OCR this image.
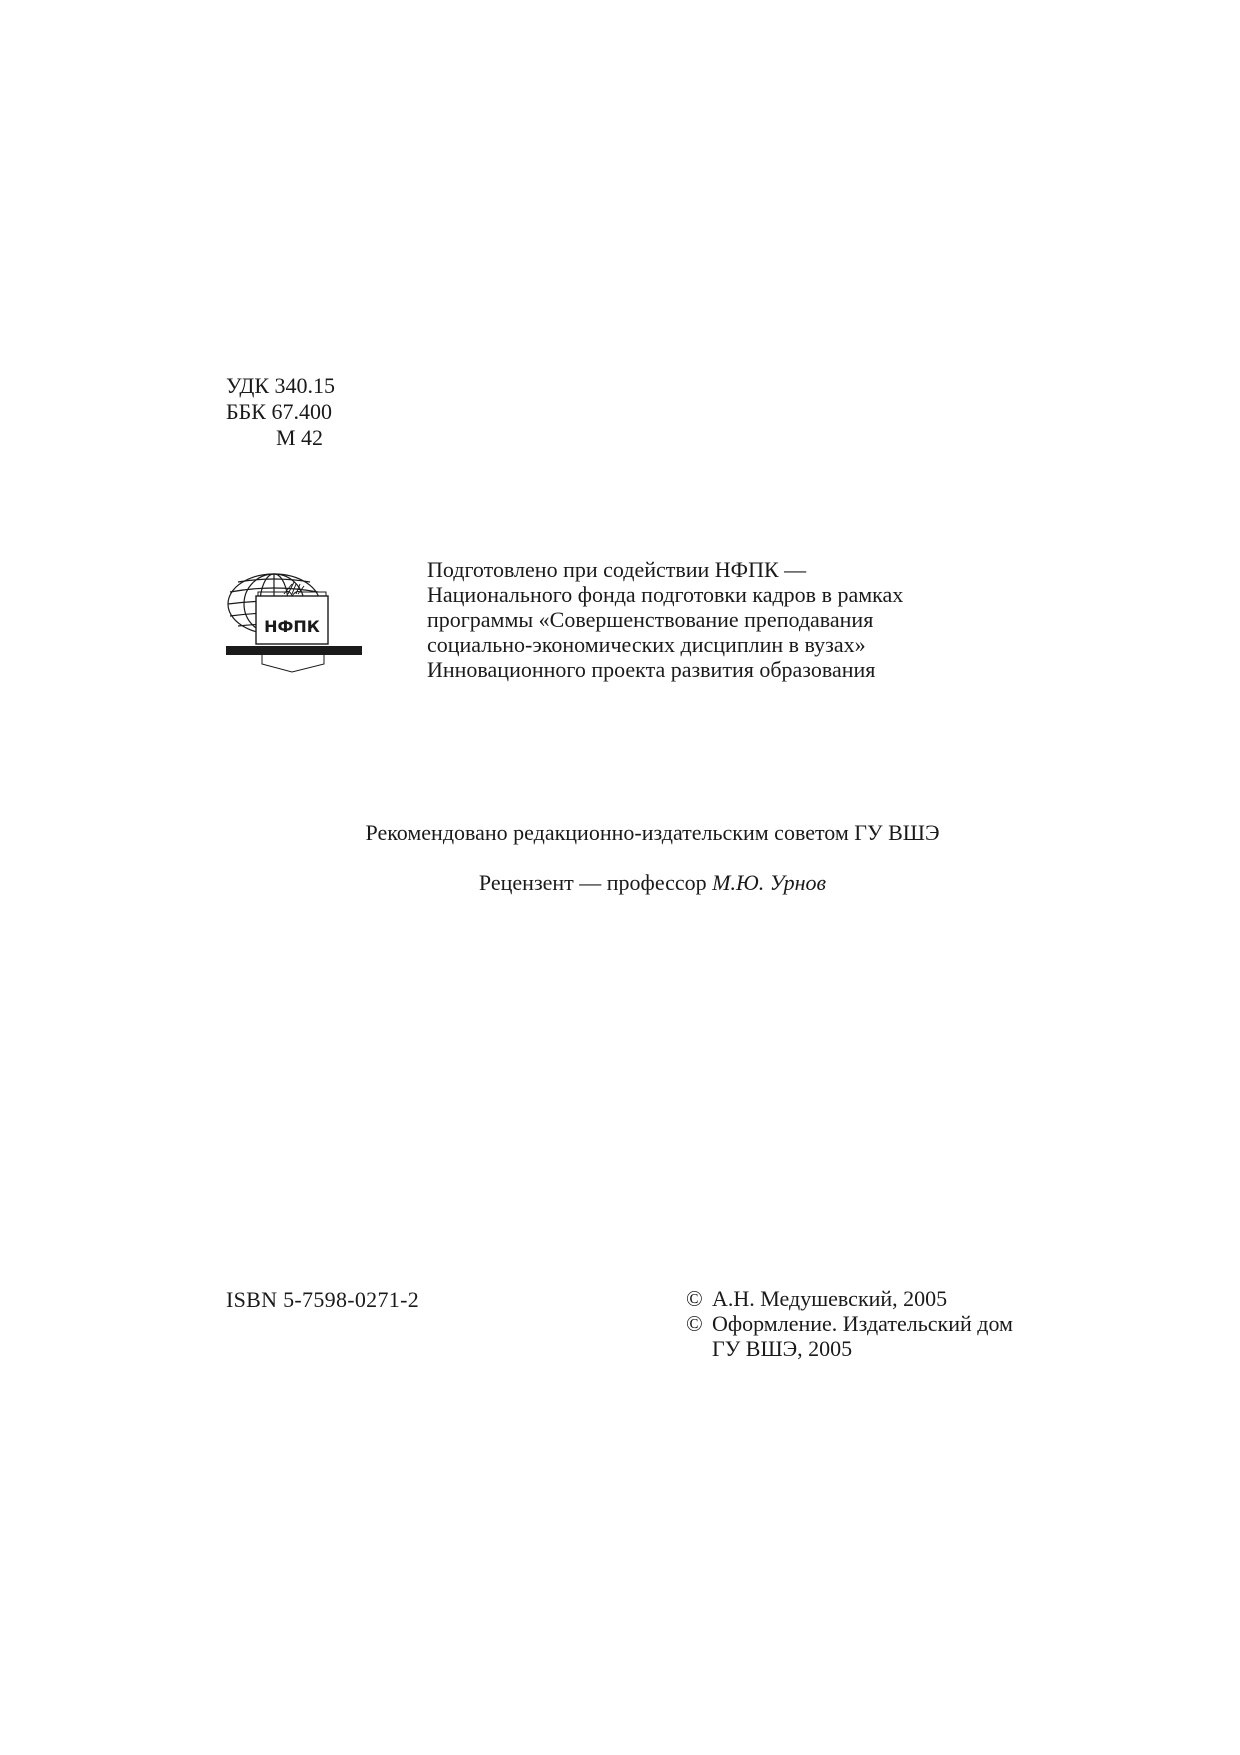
УДК 340.15
ББК 67.400
М 42
НФПК
Подготовлено при содействии НФПК —
Национального фонда подготовки кадров в рамках
программы «Совершенствование преподавания
социально-экономических дисциплин в вузах»
Инновационного проекта развития образования
Рекомендовано редакционно-издательским советом ГУ ВШЭ
Рецензент — профессор М.Ю. Урнов
ISBN 5-7598-0271-2	© А.Н. Медушевский, 2005
© Оформление. Издательский дом
ГУ ВШЭ, 2005
